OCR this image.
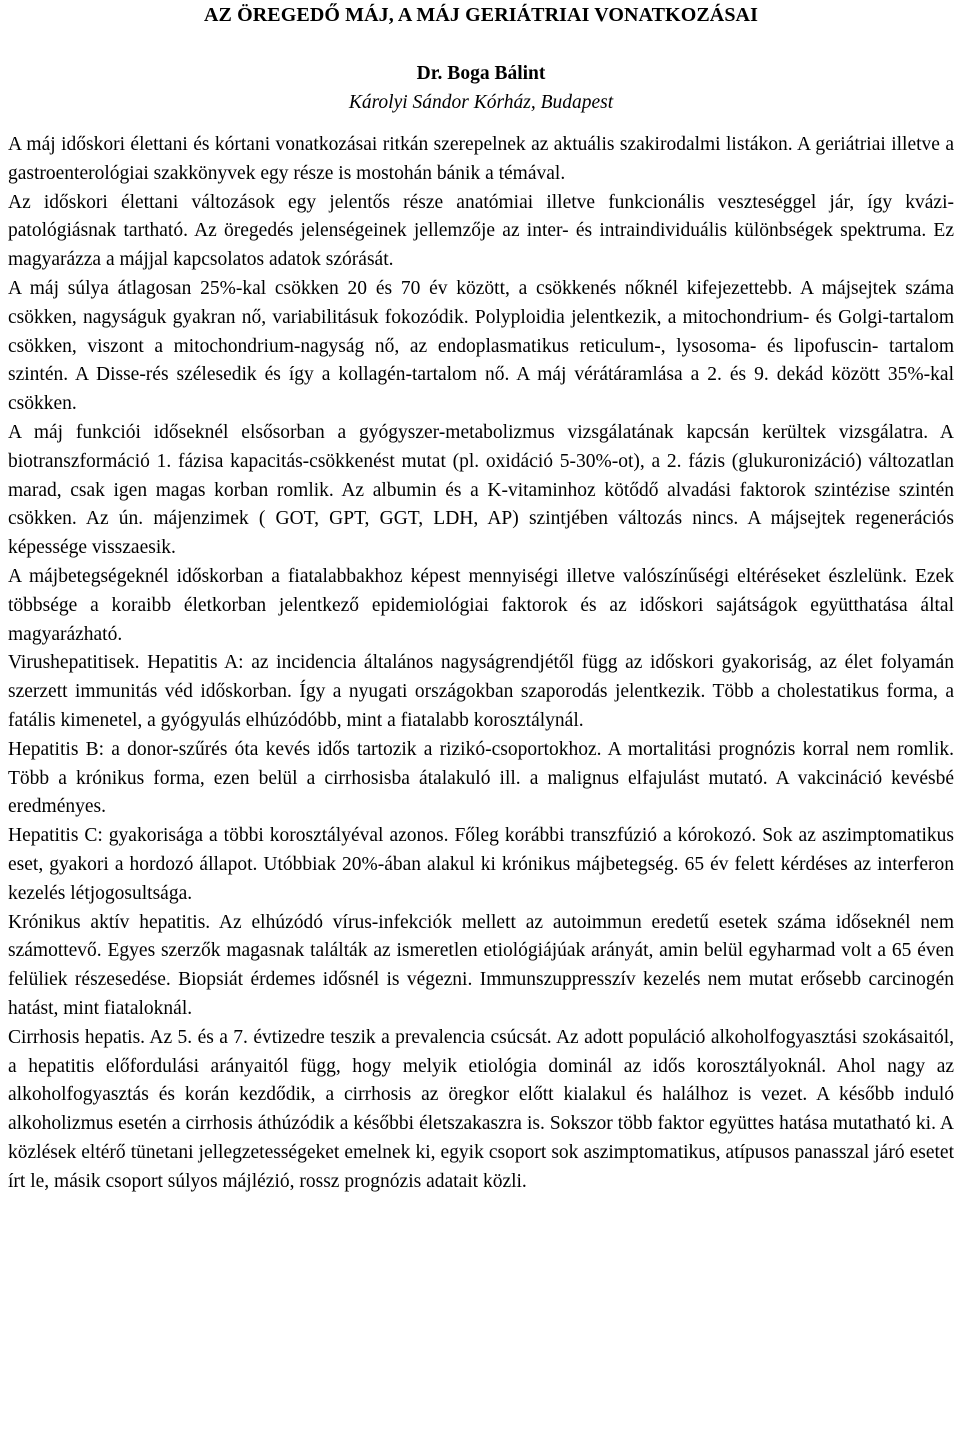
AZ ÖREGEDŐ MÁJ, A MÁJ GERIÁTRIAI VONATKOZÁSAI
Dr. Boga Bálint
Károlyi Sándor Kórház, Budapest

A máj időskori élettani és kórtani vonatkozásai ritkán szerepelnek az aktuális szakirodalmi listákon. A geriátriai illetve a gastroenterológiai szakkönyvek egy része is mostohán bánik a témával.

Az időskori élettani változások egy jelentős része anatómiai illetve funkcionális veszteséggel jár, így kvázi-patológiásnak tartható. Az öregedés jelenségeinek jellemzője az inter- és intraindividuális különbségek spektruma. Ez magyarázza a májjal kapcsolatos adatok szórását.

A máj súlya átlagosan 25%-kal csökken 20 és 70 év között, a csökkenés nőknél kifejezettebb. A májsejtek száma csökken, nagyságuk gyakran nő, variabilitásuk fokozódik. Polyploidia jelentkezik, a mitochondrium- és Golgi-tartalom csökken, viszont a mitochondrium-nagyság nő, az endoplasmatikus reticulum-, lysosoma- és lipofuscin- tartalom szintén. A Disse-rés szélesedik és így a kollagén-tartalom nő. A máj vérátáramlása a 2. és 9. dekád között 35%-kal csökken.

A máj funkciói időseknél elsősorban a gyógyszer-metabolizmus vizsgálatának kapcsán kerültek vizsgálatra. A biotranszformáció 1. fázisa kapacitás-csökkenést mutat (pl. oxidáció 5-30%-ot), a 2. fázis (glukuronizáció) változatlan marad, csak igen magas korban romlik. Az albumin és a K-vitaminhoz kötődő alvadási faktorok szintézise szintén csökken. Az ún. májenzimek ( GOT, GPT, GGT, LDH, AP) szintjében változás nincs. A májsejtek regenerációs képessége visszaesik.

A májbetegségeknél időskorban a fiatalabbakhoz képest mennyiségi illetve valószínűségi eltéréseket észlelünk. Ezek többsége a koraibb életkorban jelentkező epidemiológiai faktorok és az időskori sajátságok együtthatása által magyarázható.

Virushepatitisek. Hepatitis A: az incidencia általános nagyságrendjétől függ az időskori gyakoriság, az élet folyamán szerzett immunitás véd időskorban. Így a nyugati országokban szaporodás jelentkezik. Több a cholestatikus forma, a fatális kimenetel, a gyógyulás elhúzódóbb, mint a fiatalabb korosztálynál.

Hepatitis B: a donor-szűrés óta kevés idős tartozik a rizikó-csoportokhoz. A mortalitási prognózis korral nem romlik. Több a krónikus forma, ezen belül a cirrhosisba átalakuló ill. a malignus elfajulást mutató. A vakcináció kevésbé eredményes.

Hepatitis C: gyakorisága a többi korosztályéval azonos. Főleg korábbi transzfúzió a kórokozó. Sok az aszimptomatikus eset, gyakori a hordozó állapot. Utóbbiak 20%-ában alakul ki krónikus májbetegség. 65 év felett kérdéses az interferon kezelés létjogosultsága.

Krónikus aktív hepatitis. Az elhúzódó vírus-infekciók mellett az autoimmun eredetű esetek száma időseknél nem számottevő. Egyes szerzők magasnak találták az ismeretlen etiológiájúak arányát, amin belül egyharmad volt a 65 éven felüliek részesedése. Biopsiát érdemes idősnél is végezni. Immunszuppresszív kezelés nem mutat erősebb carcinogén hatást, mint fiataloknál.

Cirrhosis hepatis. Az 5. és a 7. évtizedre teszik a prevalencia csúcsát. Az adott populáció alkoholfogyasztási szokásaitól, a hepatitis előfordulási arányaitól függ, hogy melyik etiológia dominál az idős korosztályoknál. Ahol nagy az alkoholfogyasztás és korán kezdődik, a cirrhosis az öregkor előtt kialakul és halálhoz is vezet. A később induló alkoholizmus esetén a cirrhosis áthúzódik a későbbi életszakaszra is. Sokszor több faktor együttes hatása mutatható ki. A közlések eltérő tünetani jellegzetességeket emelnek ki, egyik csoport sok aszimptomatikus, atípusos panasszal járó esetet írt le, másik csoport súlyos májlézió, rossz prognózis adatait közli.
